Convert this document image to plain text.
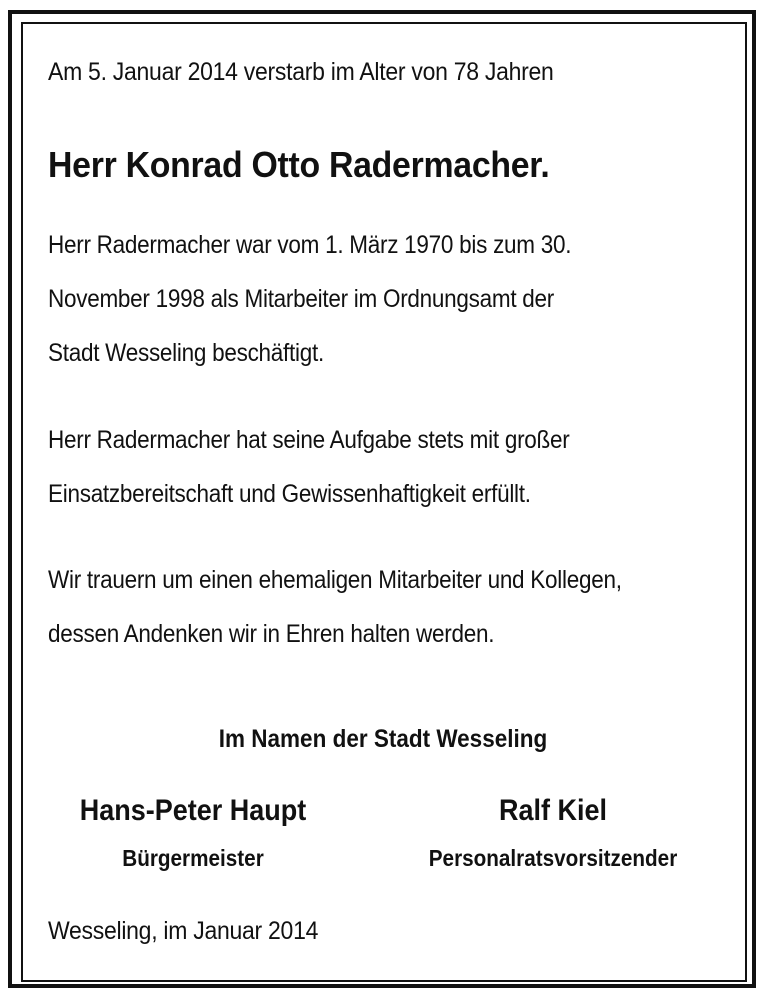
Am 5. Januar 2014 verstarb im Alter von 78 Jahren
Herr Konrad Otto Radermacher.
Herr Radermacher war vom 1. März 1970 bis zum 30.
November 1998 als Mitarbeiter im Ordnungsamt der
Stadt Wesseling beschäftigt.
Herr Radermacher hat seine Aufgabe stets mit großer
Einsatzbereitschaft und Gewissenhaftigkeit erfüllt.
Wir trauern um einen ehemaligen Mitarbeiter und Kollegen,
dessen Andenken wir in Ehren halten werden.
Im Namen der Stadt Wesseling
Hans-Peter Haupt
Bürgermeister
Ralf Kiel
Personalratsvorsitzender
Wesseling, im Januar 2014
